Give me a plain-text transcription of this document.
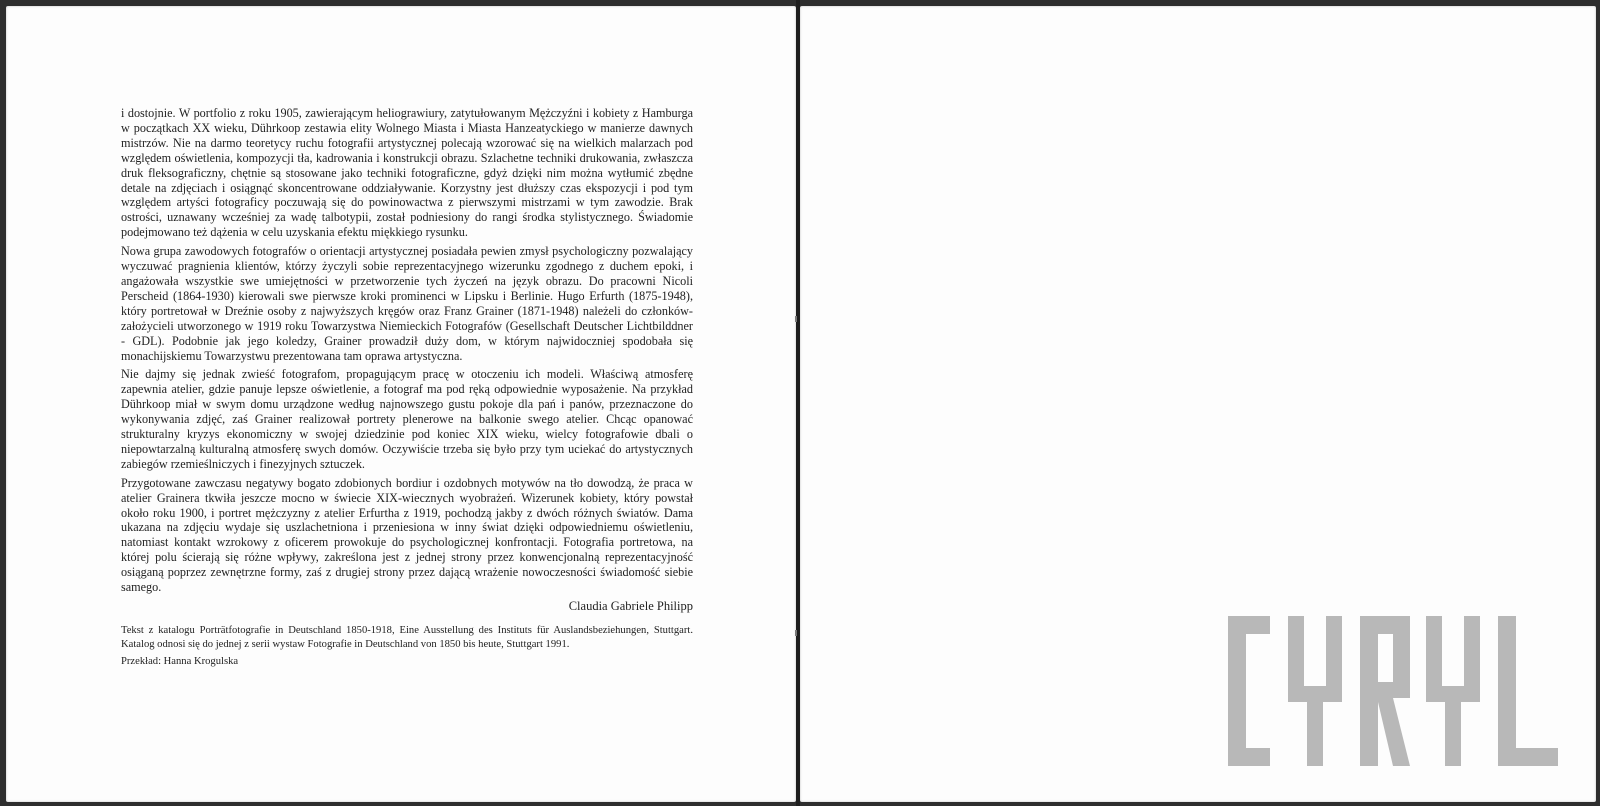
i dostojnie. W portfolio z roku 1905, zawierającym heliograwiury, zatytułowanym Mężczyźni i kobiety z Hamburga w początkach XX wieku, Dührkoop zestawia elity Wolnego Miasta i Miasta Hanzeatyckiego w manierze dawnych mistrzów. Nie na darmo teoretycy ruchu fotografii artystycznej polecają wzorować się na wielkich malarzach pod względem oświetlenia, kompozycji tła, kadrowania i konstrukcji obrazu. Szlachetne techniki drukowania, zwłaszcza druk fleksograficzny, chętnie są stosowane jako techniki fotograficzne, gdyż dzięki nim można wytłumić zbędne detale na zdjęciach i osiągnąć skoncentrowane oddziaływanie. Korzystny jest dłuższy czas ekspozycji i pod tym względem artyści fotograficy poczuwają się do powinowactwa z pierwszymi mistrzami w tym zawodzie. Brak ostrości, uznawany wcześniej za wadę talbotypii, został podniesiony do rangi środka stylistycznego. Świadomie podejmowano też dążenia w celu uzyskania efektu miękkiego rysunku.

Nowa grupa zawodowych fotografów o orientacji artystycznej posiadała pewien zmysł psychologiczny pozwalający wyczuwać pragnienia klientów, którzy życzyli sobie reprezentacyjnego wizerunku zgodnego z duchem epoki, i angażowała wszystkie swe umiejętności w przetworzenie tych życzeń na język obrazu. Do pracowni Nicoli Perscheid (1864-1930) kierowali swe pierwsze kroki prominenci w Lipsku i Berlinie. Hugo Erfurth (1875-1948), który portretował w Dreźnie osoby z najwyższych kręgów oraz Franz Grainer (1871-1948) należeli do członków-założycieli utworzonego w 1919 roku Towarzystwa Niemieckich Fotografów (Gesellschaft Deutscher Lichtbilddner - GDL). Podobnie jak jego koledzy, Grainer prowadził duży dom, w którym najwidoczniej spodobała się monachijskiemu Towarzystwu prezentowana tam oprawa artystyczna.

Nie dajmy się jednak zwieść fotografom, propagującym pracę w otoczeniu ich modeli. Właściwą atmosferę zapewnia atelier, gdzie panuje lepsze oświetlenie, a fotograf ma pod ręką odpowiednie wyposażenie. Na przykład Dührkoop miał w swym domu urządzone według najnowszego gustu pokoje dla pań i panów, przeznaczone do wykonywania zdjęć, zaś Grainer realizował portrety plenerowe na balkonie swego atelier. Chcąc opanować strukturalny kryzys ekonomiczny w swojej dziedzinie pod koniec XIX wieku, wielcy fotografowie dbali o niepowtarzalną kulturalną atmosferę swych domów. Oczywiście trzeba się było przy tym uciekać do artystycznych zabiegów rzemieślniczych i finezyjnych sztuczek.

Przygotowane zawczasu negatywy bogato zdobionych bordiur i ozdobnych motywów na tło dowodzą, że praca w atelier Grainera tkwiła jeszcze mocno w świecie XIX-wiecznych wyobrażeń. Wizerunek kobiety, który powstał około roku 1900, i portret mężczyzny z atelier Erfurtha z 1919, pochodzą jakby z dwóch różnych światów. Dama ukazana na zdjęciu wydaje się uszlachetniona i przeniesiona w inny świat dzięki odpowiedniemu oświetleniu, natomiast kontakt wzrokowy z oficerem prowokuje do psychologicznej konfrontacji. Fotografia portretowa, na której polu ścierają się różne wpływy, zakreślona jest z jednej strony przez konwencjonalną reprezentacyjność osiąganą poprzez zewnętrzne formy, zaś z drugiej strony przez dającą wrażenie nowoczesności świadomość siebie samego.

Claudia Gabriele Philipp

Tekst z katalogu Porträtfotografie in Deutschland 1850-1918, Eine Ausstellung des Instituts für Auslandsbeziehungen, Stuttgart. Katalog odnosi się do jednej z serii wystaw Fotografie in Deutschland von 1850 bis heute, Stuttgart 1991.

Przekład: Hanna Krogulska
